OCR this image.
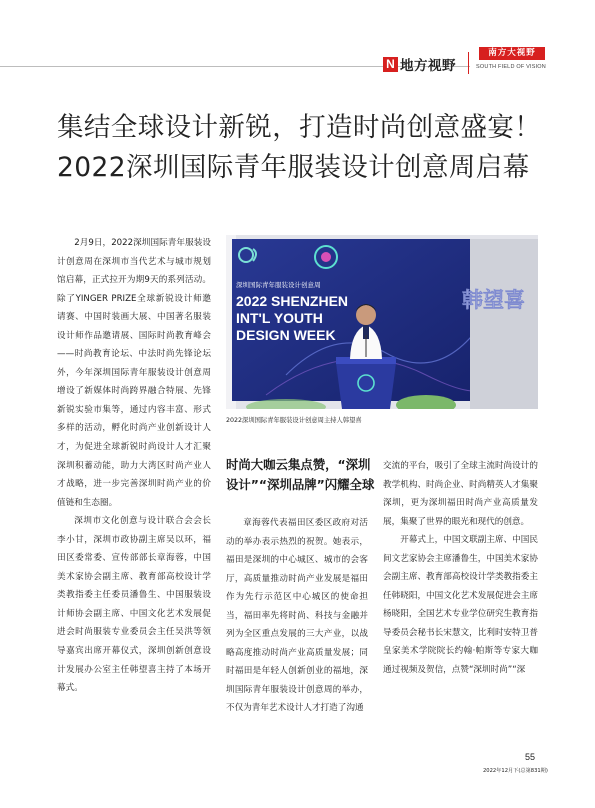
N 地方视野
南方大视野
SOUTH FIELD OF VISION
集结全球设计新锐，打造时尚创意盛宴！
2022深圳国际青年服装设计创意周启幕

2月9日，2022深圳国际青年服装设计创意周在深圳市当代艺术与城市规划馆启幕，正式拉开为期9天的系列活动。除了YINGER PRIZE全球新锐设计师邀请赛、中国时装画大展、中国著名服装设计师作品邀请展、国际时尚教育峰会——时尚教育论坛、中法时尚先锋论坛外，今年深圳国际青年服装设计创意周增设了新媒体时尚跨界融合特展、先锋新锐实验市集等，通过内容丰富、形式多样的活动，孵化时尚产业创新设计人才，为促进全球新锐时尚设计人才汇聚深圳积蓄动能，助力大湾区时尚产业人才战略，进一步完善深圳时尚产业的价值链和生态圈。

深圳市文化创意与设计联合会会长李小甘，深圳市政协副主席吴以环，福田区委常委、宣传部部长章海蓉，中国美术家协会副主席、教育部高校设计学类教指委主任委员潘鲁生、中国服装设计师协会副主席、中国文化艺术发展促进会时尚服装专业委员会主任吴洪等领导嘉宾出席开幕仪式，深圳创新创意设计发展办公室主任韩望喜主持了本场开幕式。

深圳国际青年服装设计创意周
2022 SHENZHEN
INT'L YOUTH
DESIGN WEEK
韩望喜
2022深圳国际青年服装设计创意周主持人韩望喜
时尚大咖云集点赞，“深圳设计”“深圳品牌”闪耀全球

章海蓉代表福田区委区政府对活动的举办表示热烈的祝贺。她表示，福田是深圳的中心城区、城市的会客厅，高质量推动时尚产业发展是福田作为先行示范区中心城区的使命担当，福田率先将时尚、科技与金融并列为全区重点发展的三大产业，以战略高度推动时尚产业高质量发展；同时福田是年轻人创新创业的福地，深圳国际青年服装设计创意周的举办，不仅为青年艺术设计人才打造了沟通

交流的平台，吸引了全球主流时尚设计的教学机构、时尚企业、时尚精英人才集聚深圳，更为深圳福田时尚产业高质量发展，集聚了世界的眼光和现代的创意。

开幕式上，中国文联副主席、中国民间文艺家协会主席潘鲁生，中国美术家协会副主席、教育部高校设计学类教指委主任韩晓阳，中国文化艺术发展促进会主席杨晓阳，全国艺术专业学位研究生教育指导委员会秘书长宋慧文，比利时安特卫普皇家美术学院院长约翰·帕斯等专家大咖通过视频及贺信，点赞“深圳时尚”“深

55
2022年12月下(总第831期)
